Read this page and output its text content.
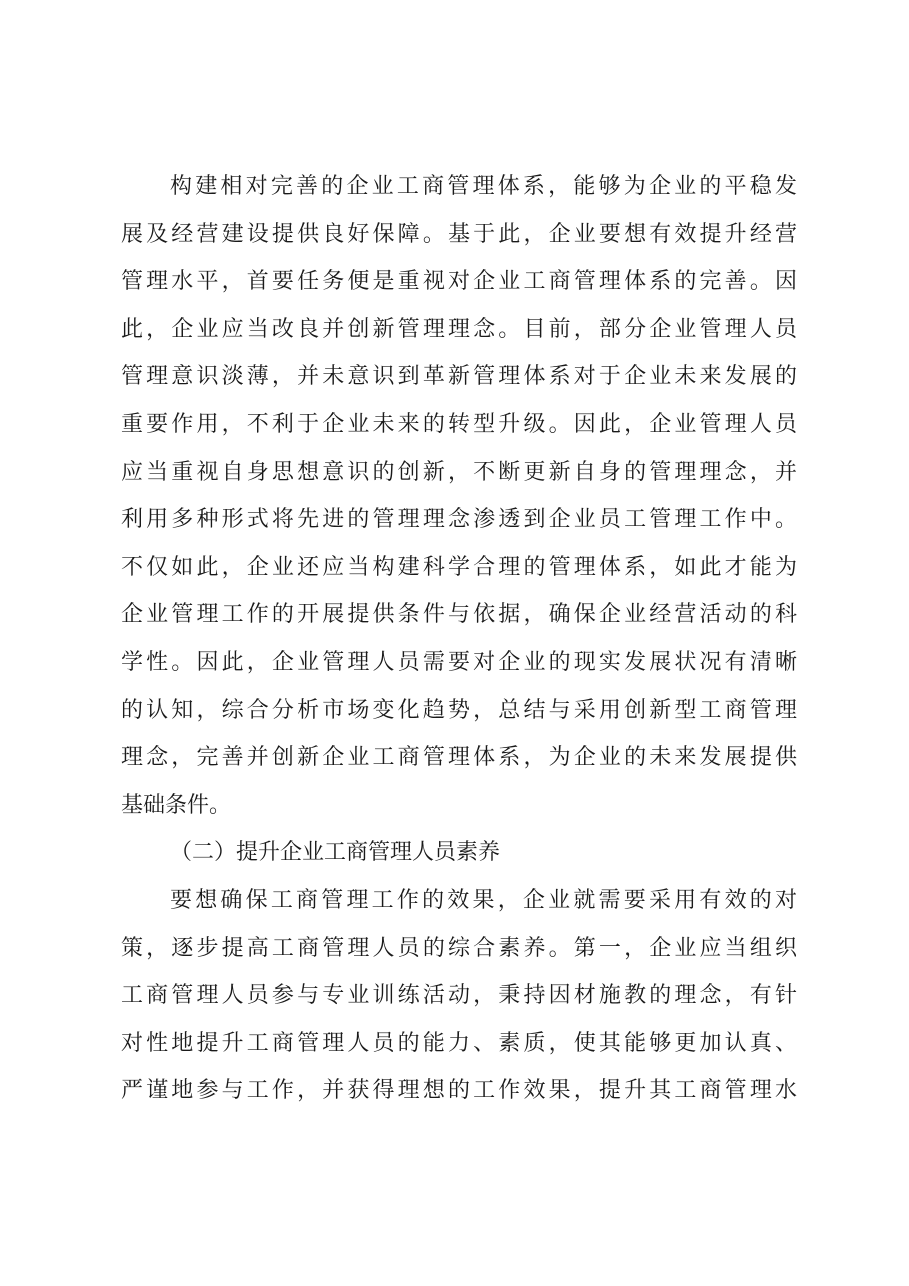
构建相对完善的企业工商管理体系，能够为企业的平稳发
展及经营建设提供良好保障。基于此，企业要想有效提升经营
管理水平，首要任务便是重视对企业工商管理体系的完善。因
此，企业应当改良并创新管理理念。目前，部分企业管理人员
管理意识淡薄，并未意识到革新管理体系对于企业未来发展的
重要作用，不利于企业未来的转型升级。因此，企业管理人员
应当重视自身思想意识的创新，不断更新自身的管理理念，并
利用多种形式将先进的管理理念渗透到企业员工管理工作中。
不仅如此，企业还应当构建科学合理的管理体系，如此才能为
企业管理工作的开展提供条件与依据，确保企业经营活动的科
学性。因此，企业管理人员需要对企业的现实发展状况有清晰
的认知，综合分析市场变化趋势，总结与采用创新型工商管理
理念，完善并创新企业工商管理体系，为企业的未来发展提供
基础条件。
（二）提升企业工商管理人员素养
要想确保工商管理工作的效果，企业就需要采用有效的对
策，逐步提高工商管理人员的综合素养。第一，企业应当组织
工商管理人员参与专业训练活动，秉持因材施教的理念，有针
对性地提升工商管理人员的能力、素质，使其能够更加认真、
严谨地参与工作，并获得理想的工作效果，提升其工商管理水
